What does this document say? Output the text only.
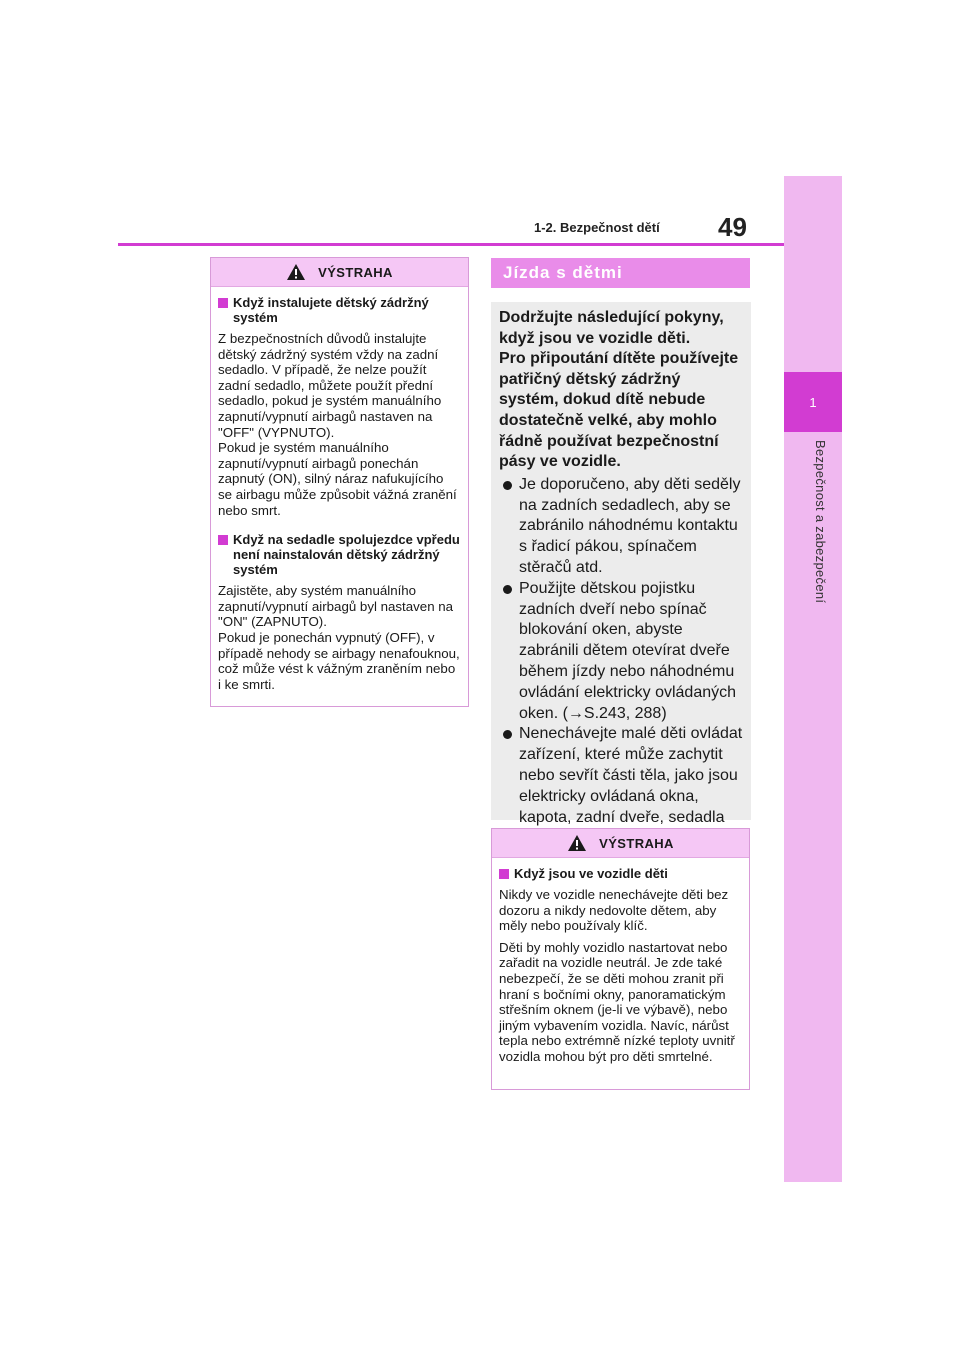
1
Bezpečnost a zabezpečení
1-2. Bezpečnost dětí 49
VÝSTRAHA
Když instalujete dětský zádržný systém

Z bezpečnostních důvodů instalujte dětský zádržný systém vždy na zadní sedadlo. V případě, že nelze použít zadní sedadlo, můžete použít přední sedadlo, pokud je systém manuálního zapnutí/vypnutí airbagů nastaven na "OFF" (VYPNUTO).
Pokud je systém manuálního zapnutí/vypnutí airbagů ponechán zapnutý (ON), silný náraz nafukujícího se airbagu může způsobit vážná zranění nebo smrt.

Když na sedadle spolujezdce vpředu není nainstalován dětský zádržný systém

Zajistěte, aby systém manuálního zapnutí/vypnutí airbagů byl nastaven na "ON" (ZAPNUTO).
Pokud je ponechán vypnutý (OFF), v případě nehody se airbagy nenafouknou, což může vést k vážným zraněním nebo i ke smrti.

Jízda s dětmi

Dodržujte následující pokyny, když jsou ve vozidle děti.
Pro připoutání dítěte používejte patřičný dětský zádržný systém, dokud dítě nebude dostatečně velké, aby mohlo řádně používat bezpečnostní pásy ve vozidle.

Je doporučeno, aby děti seděly na zadních sedadlech, aby se zabránilo náhodnému kontaktu s řadicí pákou, spínačem stěračů atd.
Použijte dětskou pojistku zadních dveří nebo spínač blokování oken, abyste zabránili dětem otevírat dveře během jízdy nebo náhodnému ovládání elektricky ovládaných oken. (→S.243, 288)
Nenechávejte malé děti ovládat zařízení, které může zachytit nebo sevřít části těla, jako jsou elektricky ovládaná okna, kapota, zadní dveře, sedadla
VÝSTRAHA
Když jsou ve vozidle děti

Nikdy ve vozidle nenechávejte děti bez dozoru a nikdy nedovolte dětem, aby měly nebo používaly klíč.

Děti by mohly vozidlo nastartovat nebo zařadit na vozidle neutrál. Je zde také nebezpečí, že se děti mohou zranit při hraní s bočními okny, panoramatickým střešním oknem (je-li ve výbavě), nebo jiným vybavením vozidla. Navíc, nárůst tepla nebo extrémně nízké teploty uvnitř vozidla mohou být pro děti smrtelné.
